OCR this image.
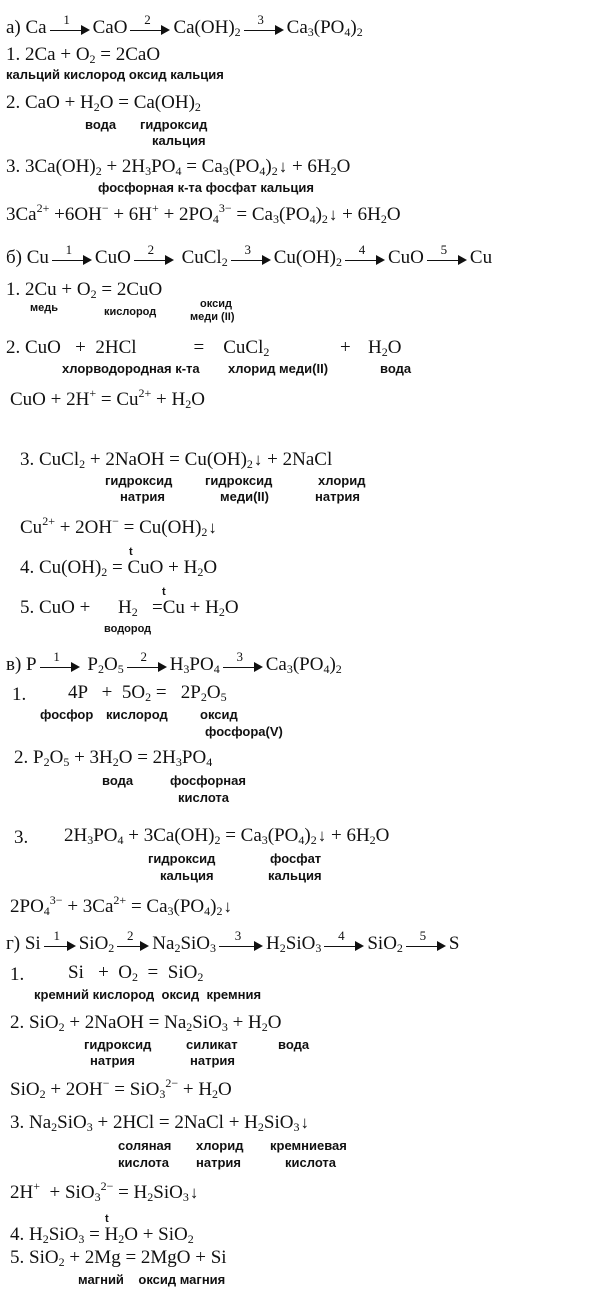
а) Ca	1	CaO	2	$Ca(OH)_2$
3	$Ca_3(PO_4)_2$
1. $2Ca + O_2 = 2CaO$
кальций кислород оксид кальция
2. CaO + $H_2O = Ca(OH)_2$
вода гидроксид
кальция
3. $3Ca(OH)_2 + 2H_3PO_4$ = $Ca_3(PO_4)_2↓ + 6H_2O$
фосфорная к-та фосфат кальция
$3Ca^{2+} +6OH^- + 6H^+ + 2PO_4^{3-}$ = $Ca_3(PO_4)_2↓ + 6H_2O$
б) Cu	1	CuO	2	CuCl$_2$
3	$Cu(OH)_2$
4	CuO	5	Cu
1. $2Cu + O_2 = 2CuO$
медь	кислород
оксид
меди (II)
2. CuO   +  2HCl            =    CuCl$_2$	+ $H_2O$
хлорводородная к-та хлорид меди(II)	вода
CuO + $2H^+ = Cu^{2+} + H_2O$
3. CuCl$_2$ + 2NaOH = $Cu(OH)_2↓$ + 2NaCl
гидроксид
натрия
гидроксид
меди(II)
хлорид
натрия
$Cu^{2+} + 2OH^-$ = $Cu(OH)_2↓$
t
4. $Cu(OH)_2$ = CuO + $H_2O$
t
5. CuO + $H_2 =Cu + H_2O$
водород
в) P	1	$P_2O_5$
2	$H_3PO_4$
3	$Ca_3(PO_4)_2$
1. $4P + 5O_2 = 2P_2O_5$
фосфор кислород оксид
фосфора(V)
2. $P_2O_5 + 3H_2O = 2H_3PO_4$
вода	фосфорная
кислота
3. $2H_3PO_4 + 3Ca(OH)_2$ = $Ca_3(PO_4)_2↓ + 6H_2O$
гидроксид
кальция
фосфат
кальция
$2PO_4^{3-} + 3Ca^{2+}$ = $Ca_3(PO_4)_2↓$
г) Si 1 SiO$_2$
2 $Na_2SiO_3$
3	$H_2SiO_3$
4	SiO$_2$
5	S
1. $Si + O_2 = SiO_2$
кремний кислород  оксид  кремния
2. SiO$_2$ + 2NaOH = $Na_2SiO_3 + H_2O$
гидроксид
натрия
силикат
натрия
вода
$SiO_2 + 2OH^- = SiO_3^{2-} + H_2O$
3. $Na_2SiO_3 + 2HCl$ = 2NaCl + $H_2SiO_3↓$
соляная
кислота
хлорид
натрия
кремниевая
кислота
$2H^+ + SiO_3^{2-} = H_2SiO_3↓$
t
4. $H_2SiO_3 = H_2O + SiO_2$
5. SiO$_2$ + 2Mg = 2MgO + Si
магний    оксид магния
